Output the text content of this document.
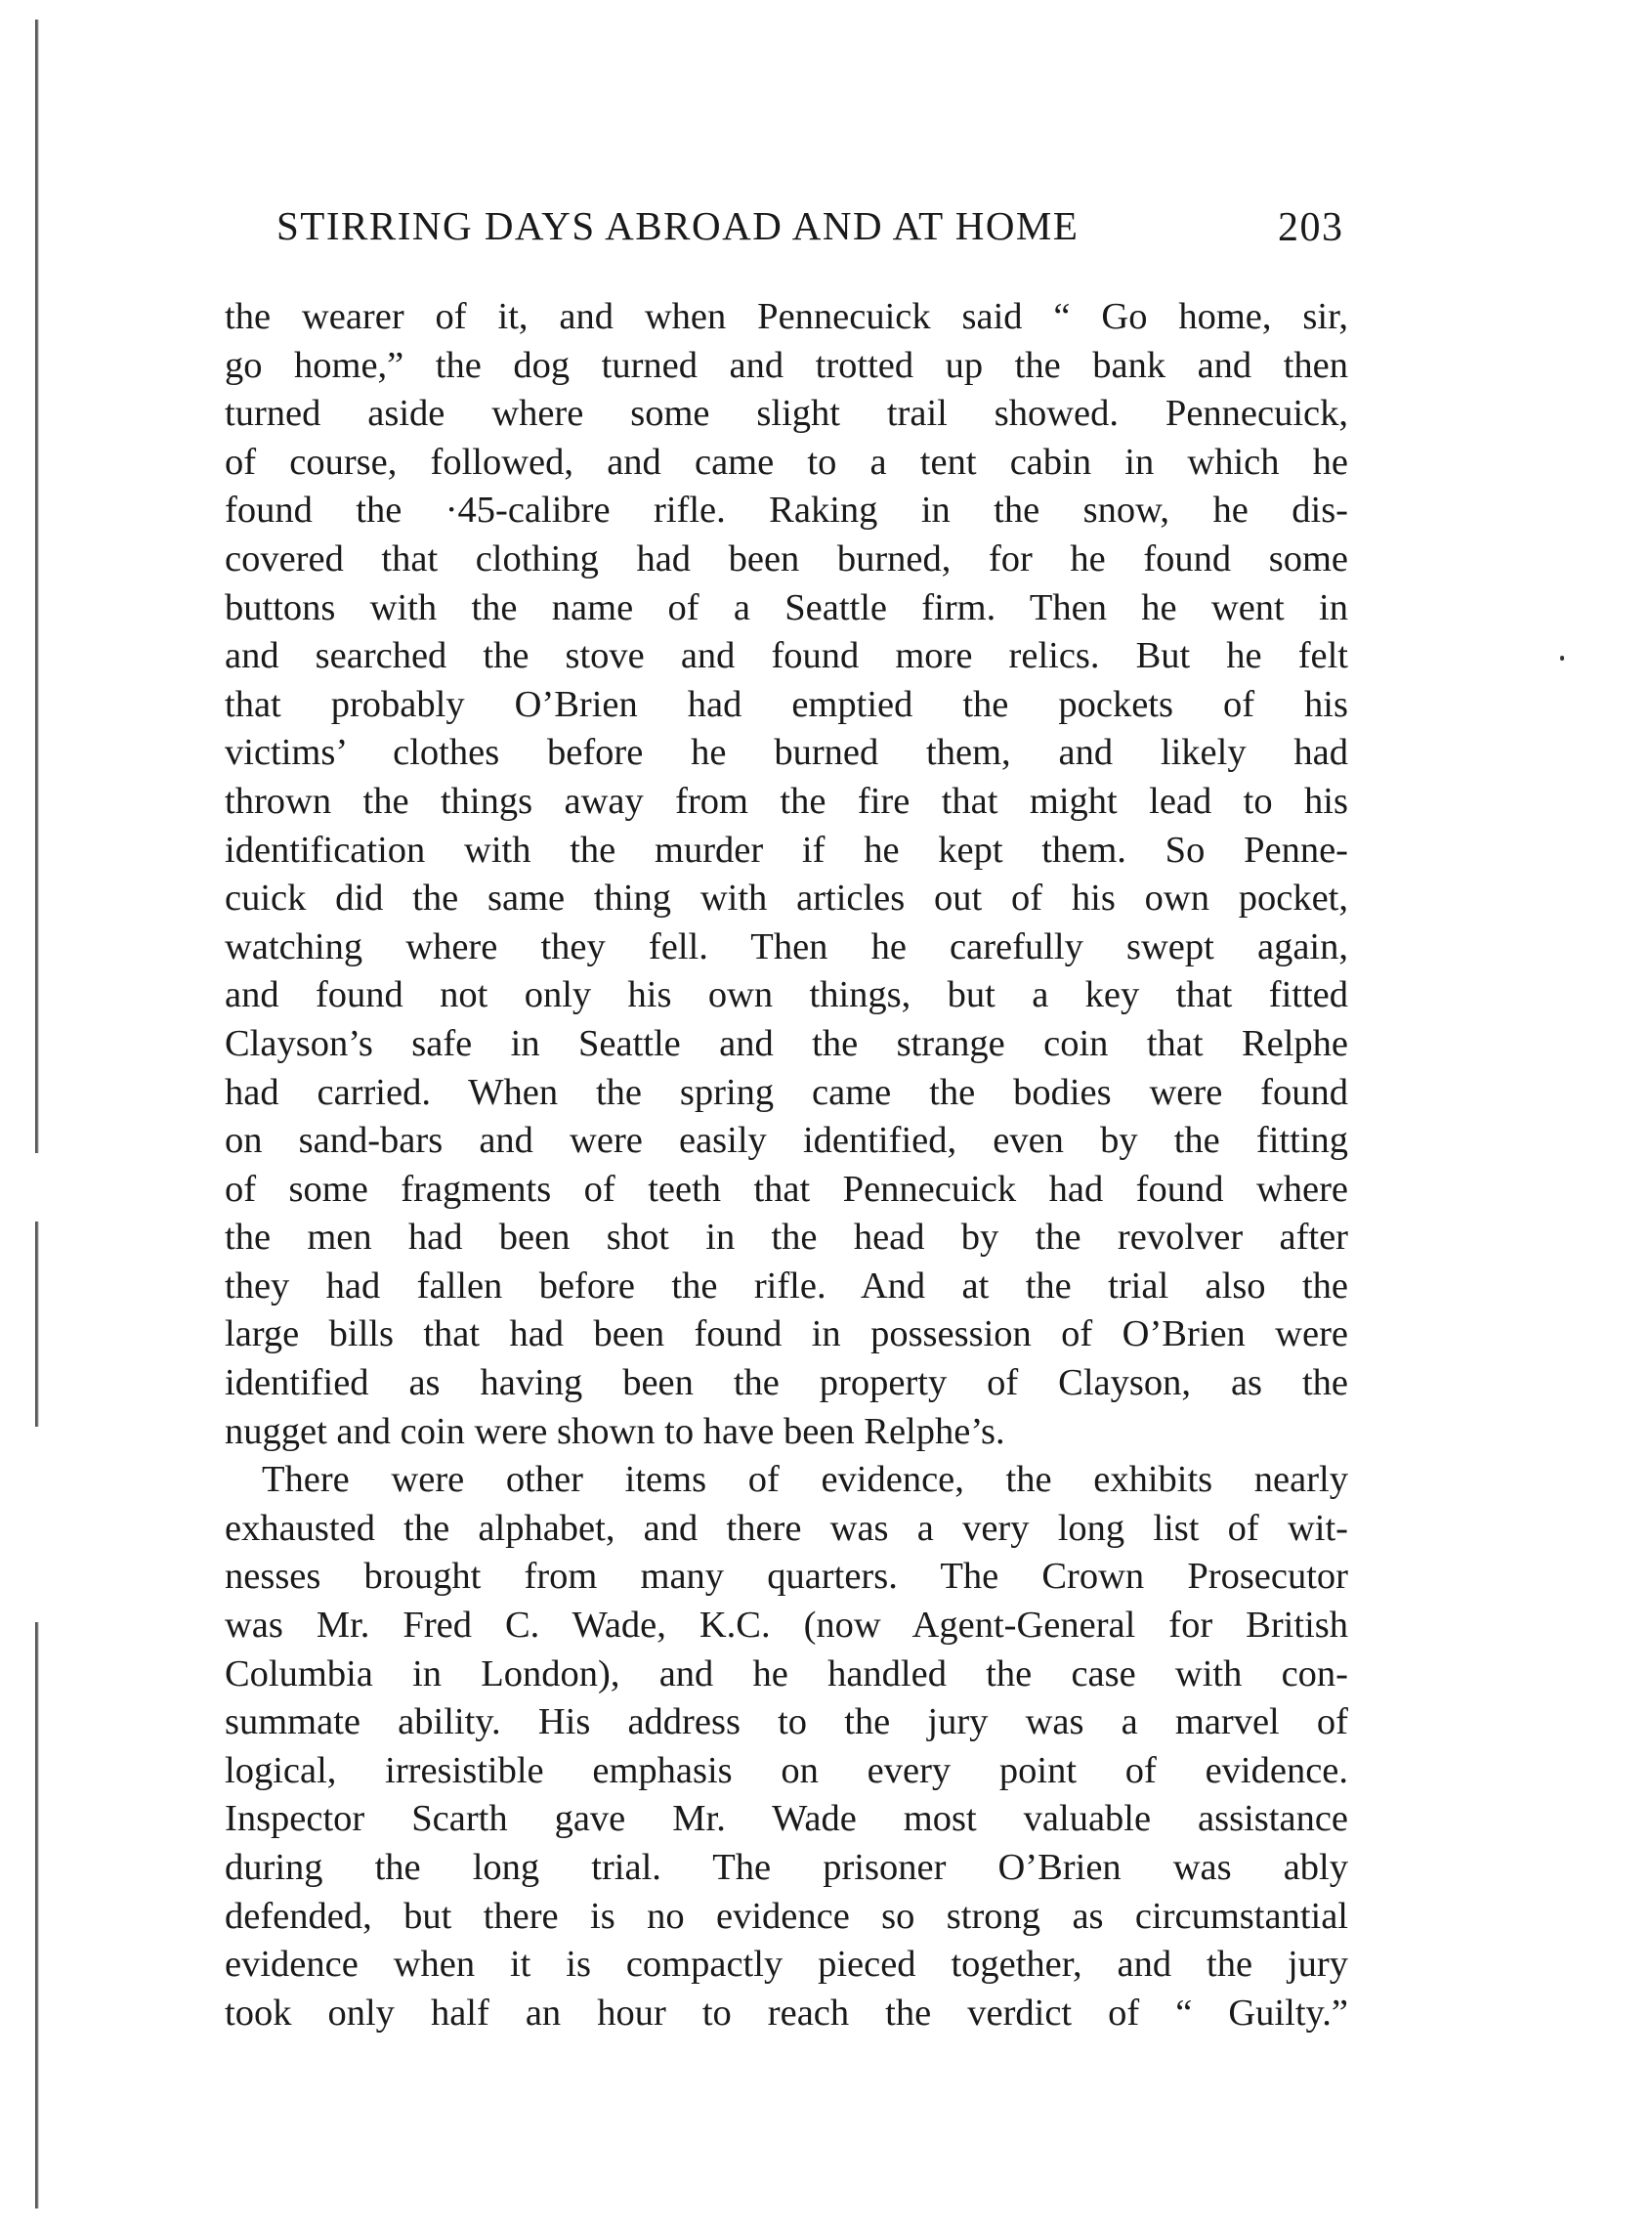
STIRRING DAYS ABROAD AND AT HOME	203
the wearer of it, and when Pennecuick said “ Go home, sir,
go home,” the dog turned and trotted up the bank and then
turned aside where some slight trail showed. Pennecuick,
of course, followed, and came to a tent cabin in which he
found the ·45-calibre rifle. Raking in the snow, he dis-
covered that clothing had been burned, for he found some
buttons with the name of a Seattle firm. Then he went in
and searched the stove and found more relics. But he felt
that probably O’Brien had emptied the pockets of his
victims’ clothes before he burned them, and likely had
thrown the things away from the fire that might lead to his
identification with the murder if he kept them. So Penne-
cuick did the same thing with articles out of his own pocket,
watching where they fell. Then he carefully swept again,
and found not only his own things, but a key that fitted
Clayson’s safe in Seattle and the strange coin that Relphe
had carried. When the spring came the bodies were found
on sand-bars and were easily identified, even by the fitting
of some fragments of teeth that Pennecuick had found where
the men had been shot in the head by the revolver after
they had fallen before the rifle. And at the trial also the
large bills that had been found in possession of O’Brien were
identified as having been the property of Clayson, as the
nugget and coin were shown to have been Relphe’s.
There were other items of evidence, the exhibits nearly
exhausted the alphabet, and there was a very long list of wit-
nesses brought from many quarters. The Crown Prosecutor
was Mr. Fred C. Wade, K.C. (now Agent-General for British
Columbia in London), and he handled the case with con-
summate ability. His address to the jury was a marvel of
logical, irresistible emphasis on every point of evidence.
Inspector Scarth gave Mr. Wade most valuable assistance
during the long trial. The prisoner O’Brien was ably
defended, but there is no evidence so strong as circumstantial
evidence when it is compactly pieced together, and the jury
took only half an hour to reach the verdict of “ Guilty.”
